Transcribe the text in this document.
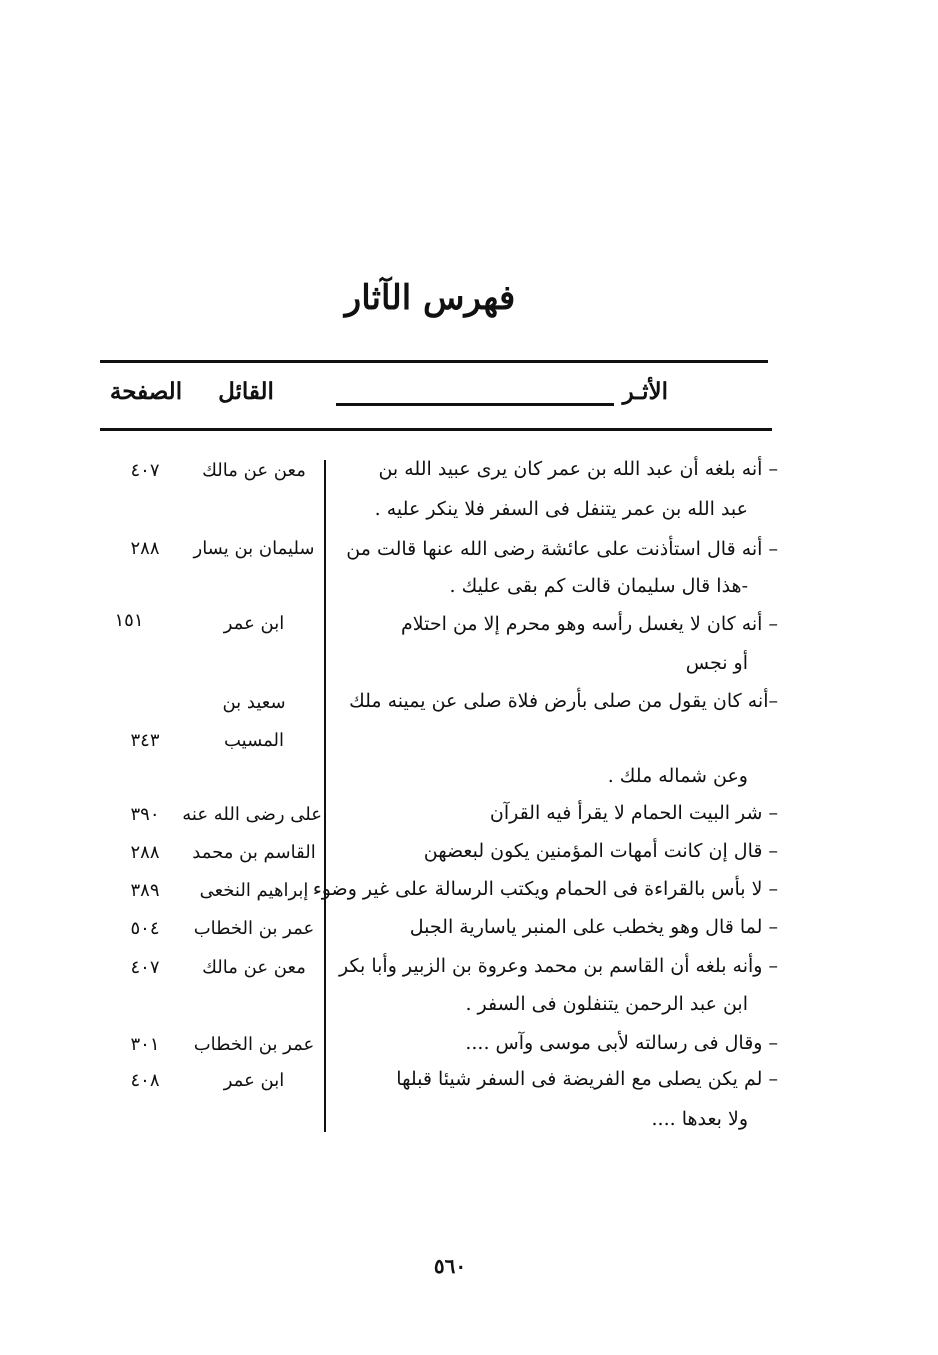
فهرس الآثار
الأثـر
القائل
الصفحة
– أنه بلغه أن عبد الله بن عمر كان يرى عبيد الله بن
عبد الله بن عمر يتنفل فى السفر فلا ينكر عليه .
معن عن مالك
٤٠٧
– أنه قال استأذنت على عائشة رضى الله عنها قالت من
-هذا قال سليمان قالت كم بقى عليك .
سليمان بن يسار
٢٨٨
– أنه كان لا يغسل رأسه وهو محرم إلا من احتلام
أو نجس
ابن عمر
١٥١
–أنه كان يقول من صلى بأرض فلاة صلى عن يمينه ملك
وعن شماله ملك .
سعيد بن
المسيب
٣٤٣
– شر البيت الحمام لا يقرأ فيه القرآن
على رضى الله عنه
٣٩٠
– قال إن كانت أمهات المؤمنين يكون لبعضهن
القاسم بن محمد
٢٨٨
– لا بأس بالقراءة فى الحمام ويكتب الرسالة على غير وضوء
إبراهيم النخعى
٣٨٩
– لما قال وهو يخطب على المنبر ياسارية الجبل
عمر بن الخطاب
٥٠٤
– وأنه بلغه أن القاسم بن محمد وعروة بن الزبير وأبا بكر
ابن عبد الرحمن يتنفلون فى السفر .
معن عن مالك
٤٠٧
– وقال فى رسالته لأبى موسى وآس ....
عمر بن الخطاب
٣٠١
– لم يكن يصلى مع الفريضة فى السفر شيئا قبلها
ولا بعدها ....
ابن عمر
٤٠٨
٥٦٠
